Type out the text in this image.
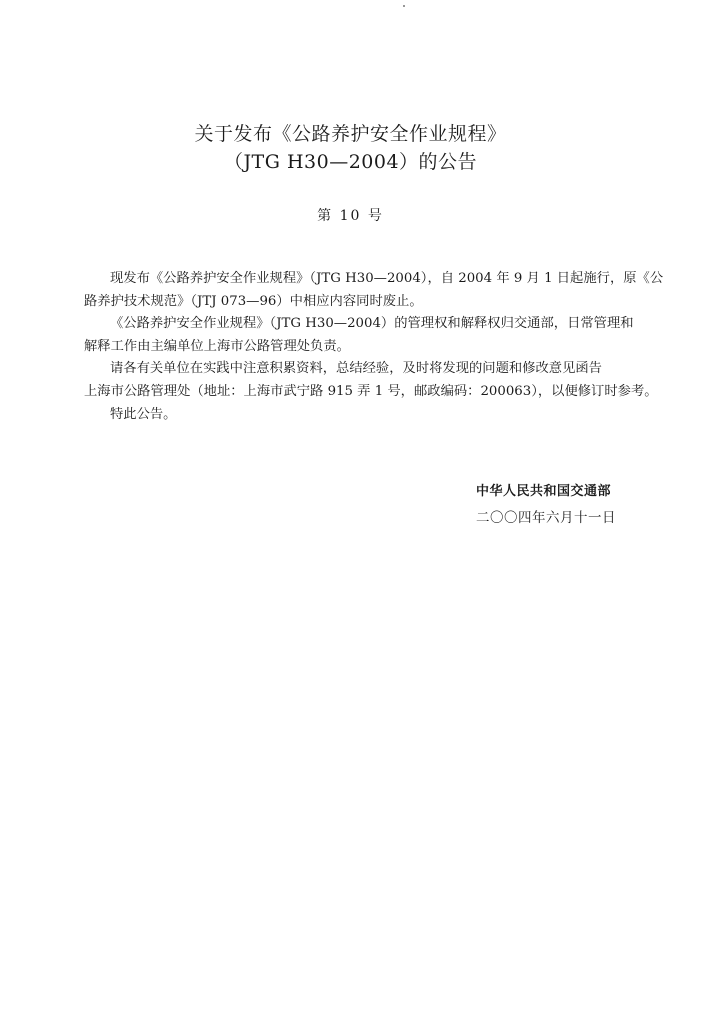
关于发布《公路养护安全作业规程》
（JTG H30—2004）的公告
第 10 号
现发布《公路养护安全作业规程》（JTG H30—2004），自 2004 年 9 月 1 日起施行，原《公
路养护技术规范》（JTJ 073—96）中相应内容同时废止。
《公路养护安全作业规程》（JTG H30—2004）的管理权和解释权归交通部，日常管理和
解释工作由主编单位上海市公路管理处负责。
请各有关单位在实践中注意积累资料，总结经验，及时将发现的问题和修改意见函告
上海市公路管理处（地址：上海市武宁路 915 弄 1 号，邮政编码：200063），以便修订时参考。
特此公告。
中华人民共和国交通部
二〇〇四年六月十一日
